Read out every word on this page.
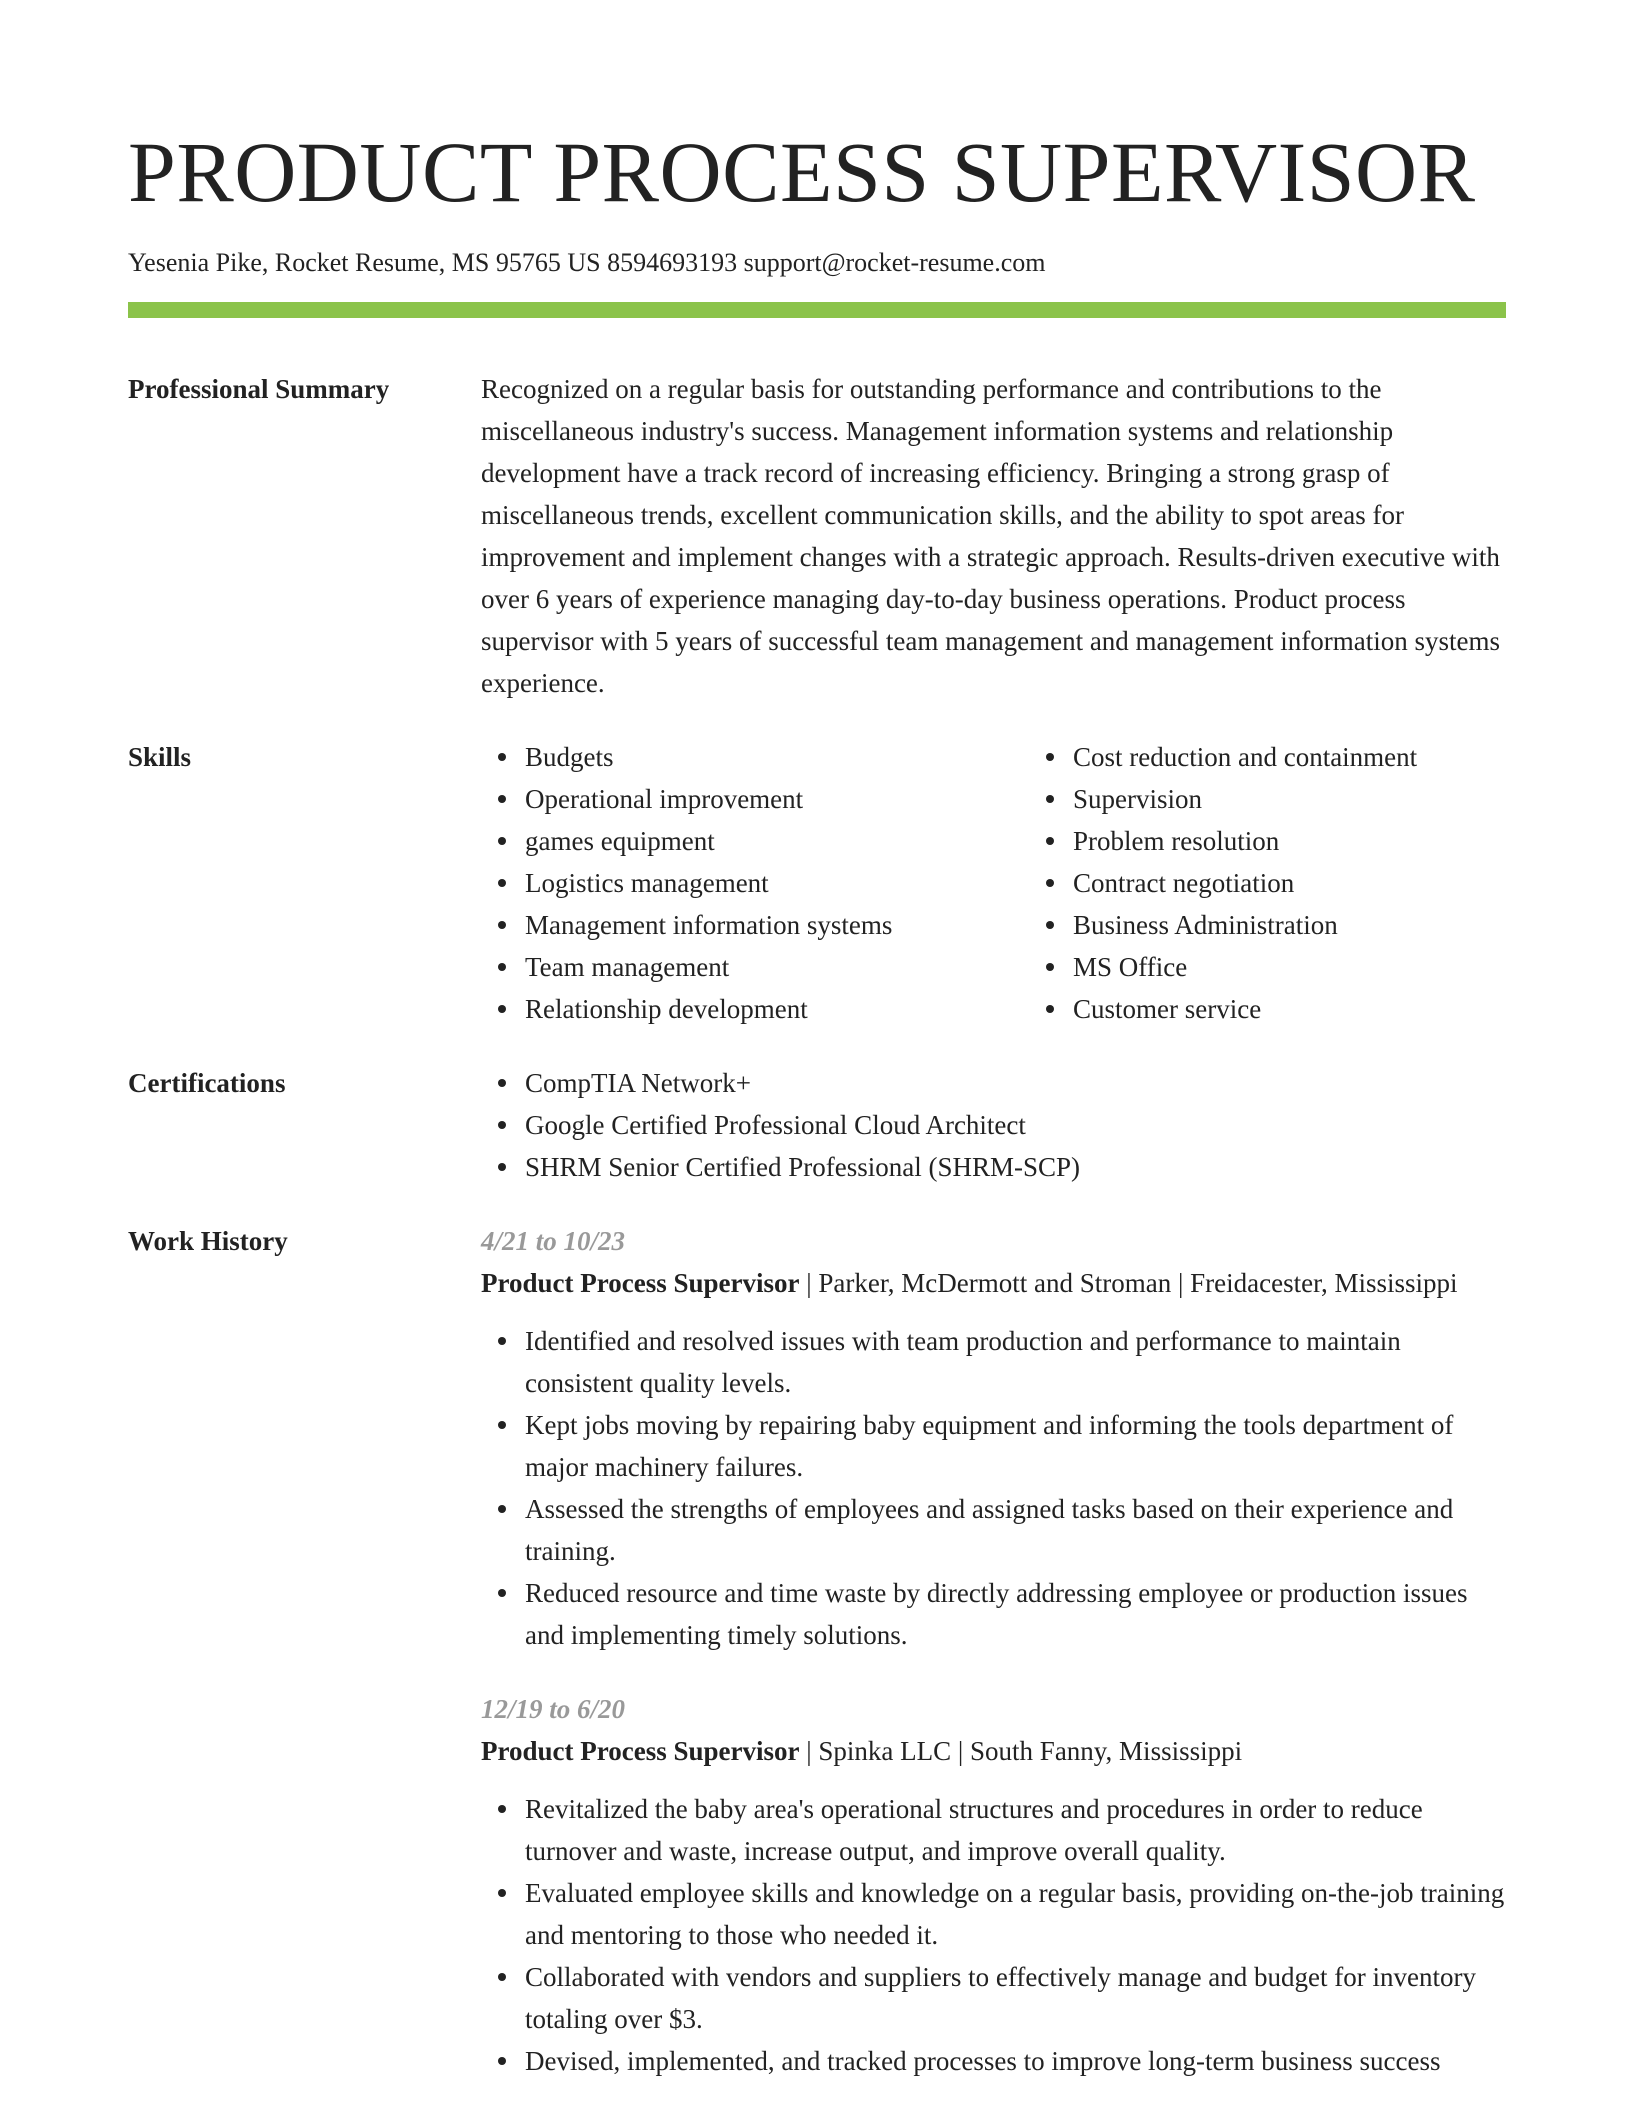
PRODUCT PROCESS SUPERVISOR
Yesenia Pike, Rocket Resume, MS 95765 US 8594693193 support@rocket-resume.com
Professional Summary	Recognized on a regular basis for outstanding performance and contributions to the miscellaneous industry's success. Management information systems and relationship development have a track record of increasing efficiency. Bringing a strong grasp of miscellaneous trends, excellent communication skills, and the ability to spot areas for improvement and implement changes with a strategic approach. Results-driven executive with over 6 years of experience managing day-to-day business operations. Product process supervisor with 5 years of successful team management and management information systems experience.

Skills	Budgets
Operational improvement
games equipment
Logistics management
Management information systems
Team management
Relationship development
Cost reduction and containment
Supervision
Problem resolution
Contract negotiation
Business Administration
MS Office
Customer service
Certifications	CompTIA Network+
Google Certified Professional Cloud Architect
SHRM Senior Certified Professional (SHRM-SCP)
Work History	4/21 to 10/23
Product Process Supervisor | Parker, McDermott and Stroman | Freidacester, Mississippi
Identified and resolved issues with team production and performance to maintain consistent quality levels.
Kept jobs moving by repairing baby equipment and informing the tools department of major machinery failures.
Assessed the strengths of employees and assigned tasks based on their experience and training.
Reduced resource and time waste by directly addressing employee or production issues and implementing timely solutions.
12/19 to 6/20
Product Process Supervisor | Spinka LLC | South Fanny, Mississippi
Revitalized the baby area's operational structures and procedures in order to reduce turnover and waste, increase output, and improve overall quality.
Evaluated employee skills and knowledge on a regular basis, providing on-the-job training and mentoring to those who needed it.
Collaborated with vendors and suppliers to effectively manage and budget for inventory totaling over $3.
Devised, implemented, and tracked processes to improve long-term business success
